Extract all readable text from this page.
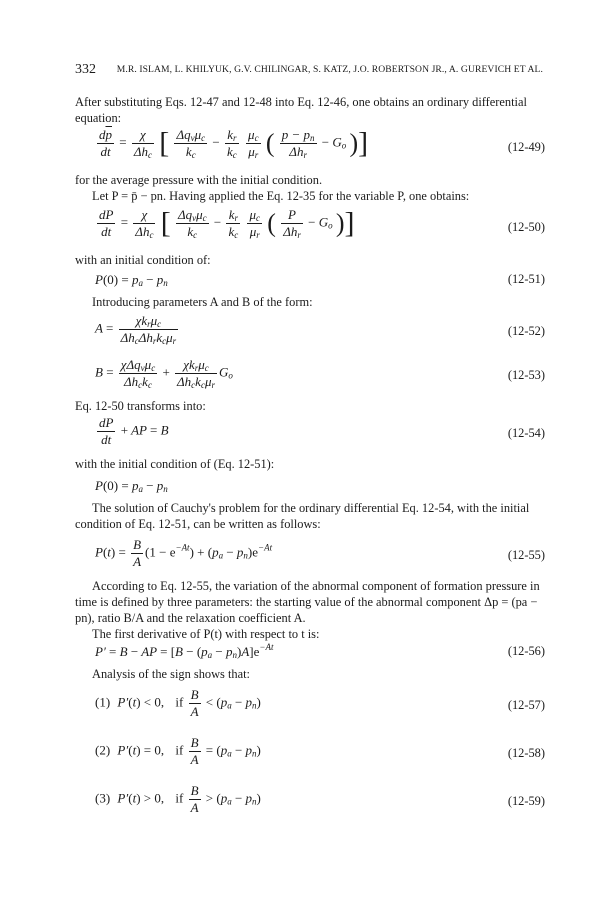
332 M.R. ISLAM, L. KHILYUK, G.V. CHILINGAR, S. KATZ, J.O. ROBERTSON JR., A. GUREVICH ET AL.
After substituting Eqs. 12-47 and 12-48 into Eq. 12-46, one obtains an ordinary differential equation:
$\frac{d\overline{p}}{dt}$ =	χ
$\Delta h_c$ [ $\Delta q_v\mu_c$
$k_c$
− $\frac{k_r}{k_c}$
$\frac{\mu_c}{\mu_r}$ ( $p - p_n$
$\Delta h_r$
− $G_o$ )]	(12-49)
for the average pressure with the initial condition.
Let P = p̄ − pn. Having applied the Eq. 12-35 for the variable P, one obtains:
$\frac{dP}{dt}$ =	χ
$\Delta h_c$ [ $\Delta q_v\mu_c$
$k_c$
− $\frac{k_r}{k_c}$
$\frac{\mu_c}{\mu_r}$ ( P
$\Delta h_r$
− $G_o$ )]	(12-50)
with an initial condition of:
$P(0) = p_a - p_n$	(12-51)
Introducing parameters A and B of the form:
A =	$\chi k_r\mu_c$
$\Delta h_c\Delta h_rk_c\mu_r$
(12-52)
$B = \chi\Delta q_v\mu_c$
$\Delta h_ck_c$
+	$\chi k_r\mu_c$
$\Delta h_ck_c\mu_r$
$G_o$	(12-53)
Eq. 12-50 transforms into:
$\frac{dP}{dt}$ + AP = B	(12-54)
with the initial condition of (Eq. 12-51):
$P(0) = p_a - p_n$
The solution of Cauchy's problem for the ordinary differential Eq. 12-54, with the initial condition of Eq. 12-51, can be written as follows:
$P(t) = \frac{B}{A} (1 - e^{-At}) + (p_a - p_n)e^{-At}$
(12-55)
According to Eq. 12-55, the variation of the abnormal component of formation pressure in time is defined by three parameters: the starting value of the abnormal component Δp = (pa − pn), ratio B/A and the relaxation coefficient A.
The first derivative of P(t) with respect to t is:
P′ = B − AP = $[B - (p_a - p_n)A]e^{-At}$	(12-56)
Analysis of the sign shows that:
(1) P′(t) < 0, if $\frac{B}{A} < (p_a - p_n)$	(12-57)
(2) P′(t) = 0, if $\frac{B}{A} = (p_a - p_n)$	(12-58)
(3) P′(t) > 0, if $\frac{B}{A} > (p_a - p_n)$	(12-59)
